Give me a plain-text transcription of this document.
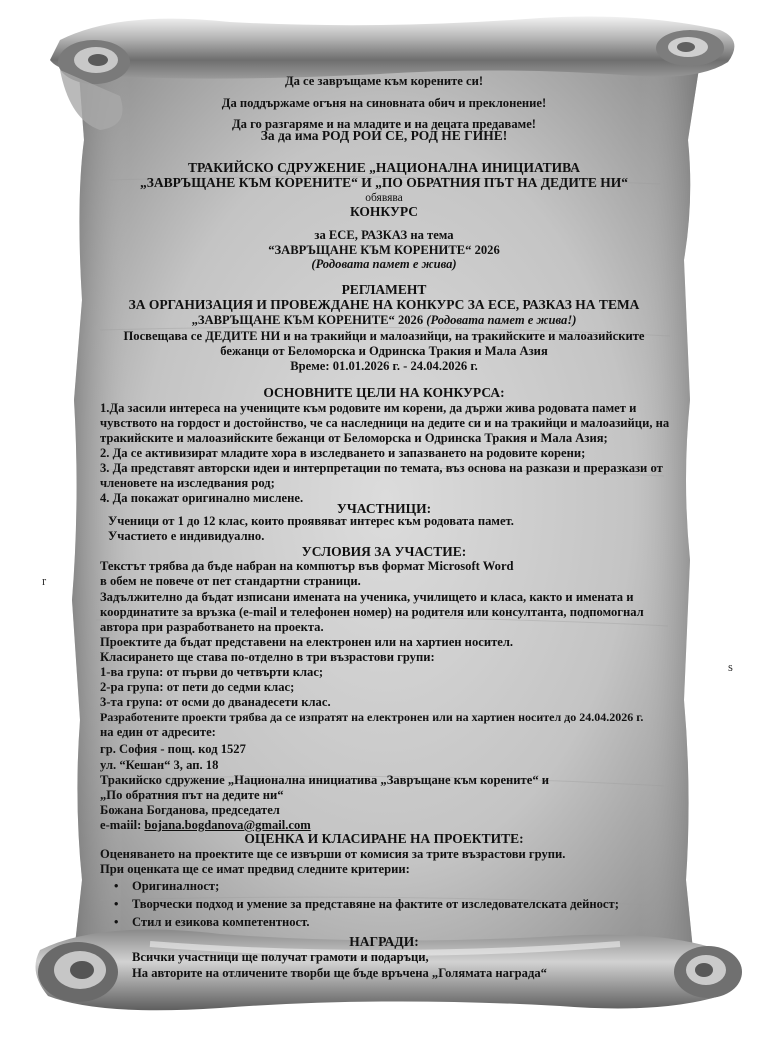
Да се завръщаме към корените си!
Да поддържаме огъня на синовната обич и преклонение!
Да го разгаряме и на младите и на децата предаваме!
За да има РОД РОИ СЕ, РОД НЕ ГИНЕ!
ТРАКИЙСКО СДРУЖЕНИЕ „НАЦИОНАЛНА ИНИЦИАТИВА
„ЗАВРЪЩАНЕ КЪМ КОРЕНИТЕ“ И „ПО ОБРАТНИЯ ПЪТ НА ДЕДИТЕ НИ“
обявява
КОНКУРС
за ЕСЕ, РАЗКАЗ на тема
“ЗАВРЪЩАНЕ КЪМ КОРЕНИТЕ“ 2026
(Родовата памет е жива)
РЕГЛАМЕНТ
ЗА ОРГАНИЗАЦИЯ И ПРОВЕЖДАНЕ НА КОНКУРС ЗА ЕСЕ, РАЗКАЗ НА ТЕМА
„ЗАВРЪЩАНЕ КЪМ КОРЕНИТЕ“ 2026 (Родовата памет е жива!)
Посвещава се ДЕДИТЕ НИ и на тракийци и малоазийци, на тракийските и малоазийските
бежанци от Беломорска и Одринска Тракия и Мала Азия
Време: 01.01.2026 г. - 24.04.2026 г.
ОСНОВНИТЕ ЦЕЛИ НА КОНКУРСА:
1.Да засили интереса на учениците към родовите им корени, да държи жива родовата памет и
чувството на гордост и достойнство, че са наследници на дедите си и на тракийци и малоазийци, на
тракийските и малоазийските бежанци от Беломорска и Одринска Тракия и Мала Азия;
2. Да се активизират младите хора в изследването и запазването на родовите корени;
3. Да представят авторски идеи и интерпретации по темата, въз основа на разкази и преразкази от
членовете на изследвания род;
4. Да покажат оригинално мислене.
УЧАСТНИЦИ:
Ученици от 1 до 12 клас, които проявяват интерес към родовата памет.
Участието е индивидуално.
УСЛОВИЯ ЗА УЧАСТИЕ:
Текстът трябва да бъде набран на компютър във формат Microsoft Word
в обем не повече от пет стандартни страници.
Задължително да бъдат изписани имената на ученика, училището и класа, както и имената и
координатите за връзка (e-mail и телефонен номер) на родителя или консултанта, подпомогнал
автора при разработването на проекта.
Проектите да бъдат представени на електронен или на хартиен носител.
Класирането ще става по-отделно в три възрастови групи:
1-ва група: от първи до четвърти клас;
2-ра група: от пети до седми клас;
3-та група: от осми до дванадесети клас.
Разработените проекти трябва да се изпратят на електронен или на хартиен носител до 24.04.2026 г.
на един от адресите:
гр. София - пощ. код 1527
ул. “Кешан“ 3, ап. 18
Тракийско сдружение „Национална инициатива „Завръщане към корените“ и
„По обратния път на дедите ни“
Божана Богданова, председател
e-maiil: bojana.bogdanova@gmail.com
ОЦЕНКА И КЛАСИРАНЕ НА ПРОЕКТИТЕ:
Оценяването на проектите ще се извърши от комисия за трите възрастови групи.
При оценката ще се имат предвид следните критерии:
• Оригиналност;
• Творчески подход и умение за представяне на фактите от изследователската дейност;
• Стил и езикова компетентност.
НАГРАДИ:
Всички участници ще получат грамоти и подаръци,
На авторите на отличените творби ще бъде връчена „Голямата награда“
r
s
